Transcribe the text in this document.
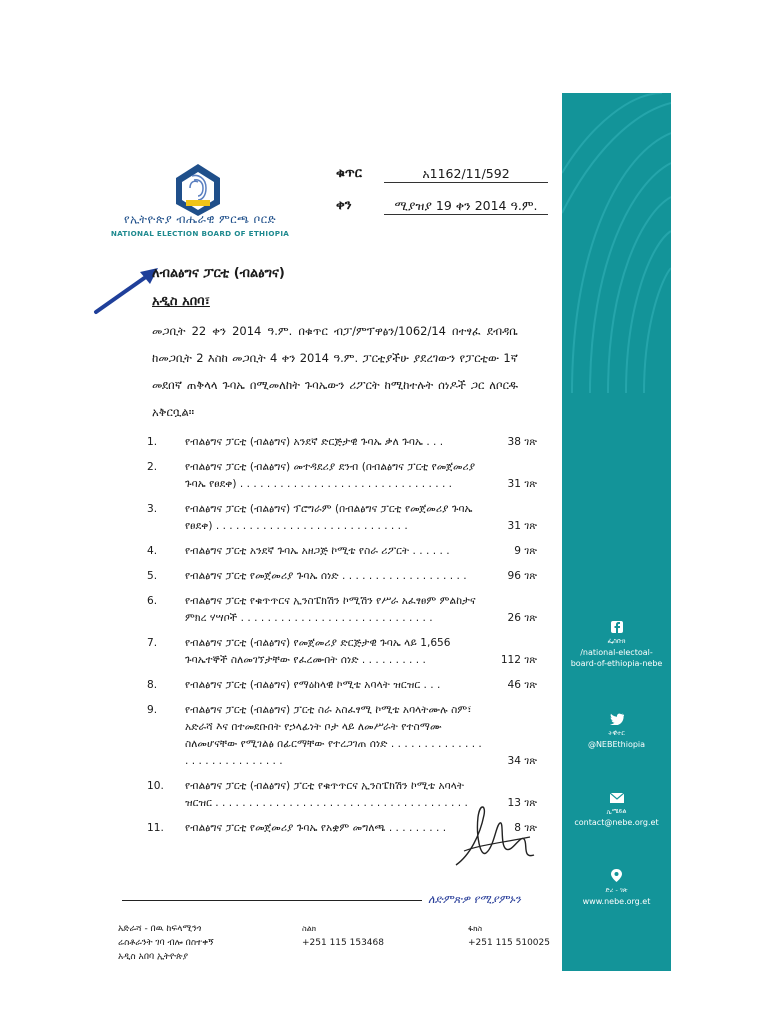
የኢትዮጵያ ብሔራዊ ምርጫ ቦርድ
NATIONAL ELECTION BOARD OF ETHIOPIA
ቁጥር	አ1162/11/592
ቀን	ሚያዝያ 19 ቀን 2014 ዓ.ም.
ለብልፅግና ፓርቲ (ብልፅግና)
አዲስ አበባ፣
መጋቢት 22 ቀን 2014 ዓ.ም. በቁጥር ብፓ/ምፕዋፅን/1062/14 በተፃፈ ደብዳቤ ከመጋቢት 2 እስከ መጋቢት 4 ቀን 2014 ዓ.ም. ፓርቲያችሁ ያደረገውን የፓርቲው 1ኛ መደበኛ ጠቅላላ ጉባኤ በሚመለከት ጉባኤውን ሪፖርት ከሚከተሉት ሰነዶች ጋር ለቦርዱ አቅርቧል።
1.	የብልፅግና ፓርቲ (ብልፅግና) አንደኛ ድርጅታዊ ጉባኤ ቃለ ጉባኤ . . .	38 ገጽ
2.	የብልፅግና ፓርቲ (ብልፅግና) መተዳደሪያ ደንብ (በብልፅግና ፓርቲ የመጀመሪያ ጉባኤ የፀደቀ) . . . . . . . . . . . . . . . . . . . . . . . . . . . . . . . .	31 ገጽ
3.	የብልፅግና ፓርቲ (ብልፅግና) ፕሮግራም (በብልፅግና ፓርቲ የመጀመሪያ ጉባኤ የፀደቀ) . . . . . . . . . . . . . . . . . . . . . . . . . . . . .	31 ገጽ
4.	የብልፅግና ፓርቲ አንደኛ ጉባኤ አዘጋጅ ኮሚቴ የስራ ሪፖርት . . . . . .	9 ገጽ
5.	የብልፅግና ፓርቲ የመጀመሪያ ጉባኤ ሰነድ . . . . . . . . . . . . . . . . . . .	96 ገጽ
6.	የብልፅግና ፓርቲ የቁጥጥርና ኢንስፔክሽን ኮሚሽን የሥራ አፈፃፀም ምልከታና ምክረ ሃሣቦች . . . . . . . . . . . . . . . . . . . . . . . . . . . . .	26 ገጽ
7.	የብልፅግና ፓርቲ (ብልፅግና) የመጀመሪያ ድርጅታዊ ጉባኤ ላይ 1,656 ጉባኤተኞች ስለመገኘታቸው የፈረሙበት ሰነድ . . . . . . . . . .	112 ገጽ
8.	የብልፅግና ፓርቲ (ብልፅግና) የማዕከላዊ ኮሚቴ አባላት ዝርዝር . . .	46 ገጽ
9.	የብልፅግና ፓርቲ (ብልፅግና) ፓርቲ ስራ አስፈፃሚ ኮሚቴ አባላትሙሉ ስም፣ አድራሻ እና በተመደቡበት የኃላፊነት ቦታ ላይ ለመሥራት የተስማሙ ስለመሆናቸው የሚገልፅ በፊርማቸው የተረጋገጠ ሰነድ . . . . . . . . . . . . . . . . . . . . . . . . . . . . .	34 ገጽ
10.	የብልፅግና ፓርቲ (ብልፅግና) ፓርቲ የቁጥጥርና ኢንስፔክሽን ኮሚቴ አባላት ዝርዝር . . . . . . . . . . . . . . . . . . . . . . . . . . . . . . . . . . . . . .	13 ገጽ
11.	የብልፅግና ፓርቲ የመጀመሪያ ጉባኤ የአቋም መግለጫ . . . . . . . . .	8 ገጽ
ለድምጽዎ የሚያምኑን
አድራሻ - በዉ ከፍላሚንጎ
ሬስቶራንት ገባ ብሎ በስተቀኝ
አዲስ አበባ ኢትዮጵያ
ስልክ
+251 115 153468
ፋክስ
+251 115 510025
ፌስቡክ
/national-electoal-board-of-ethiopia-nebe
ትዊተር
@NEBEthiopia
ኢሜይል
contact@nebe.org.et
ድረ - ገጽ
www.nebe.org.et
